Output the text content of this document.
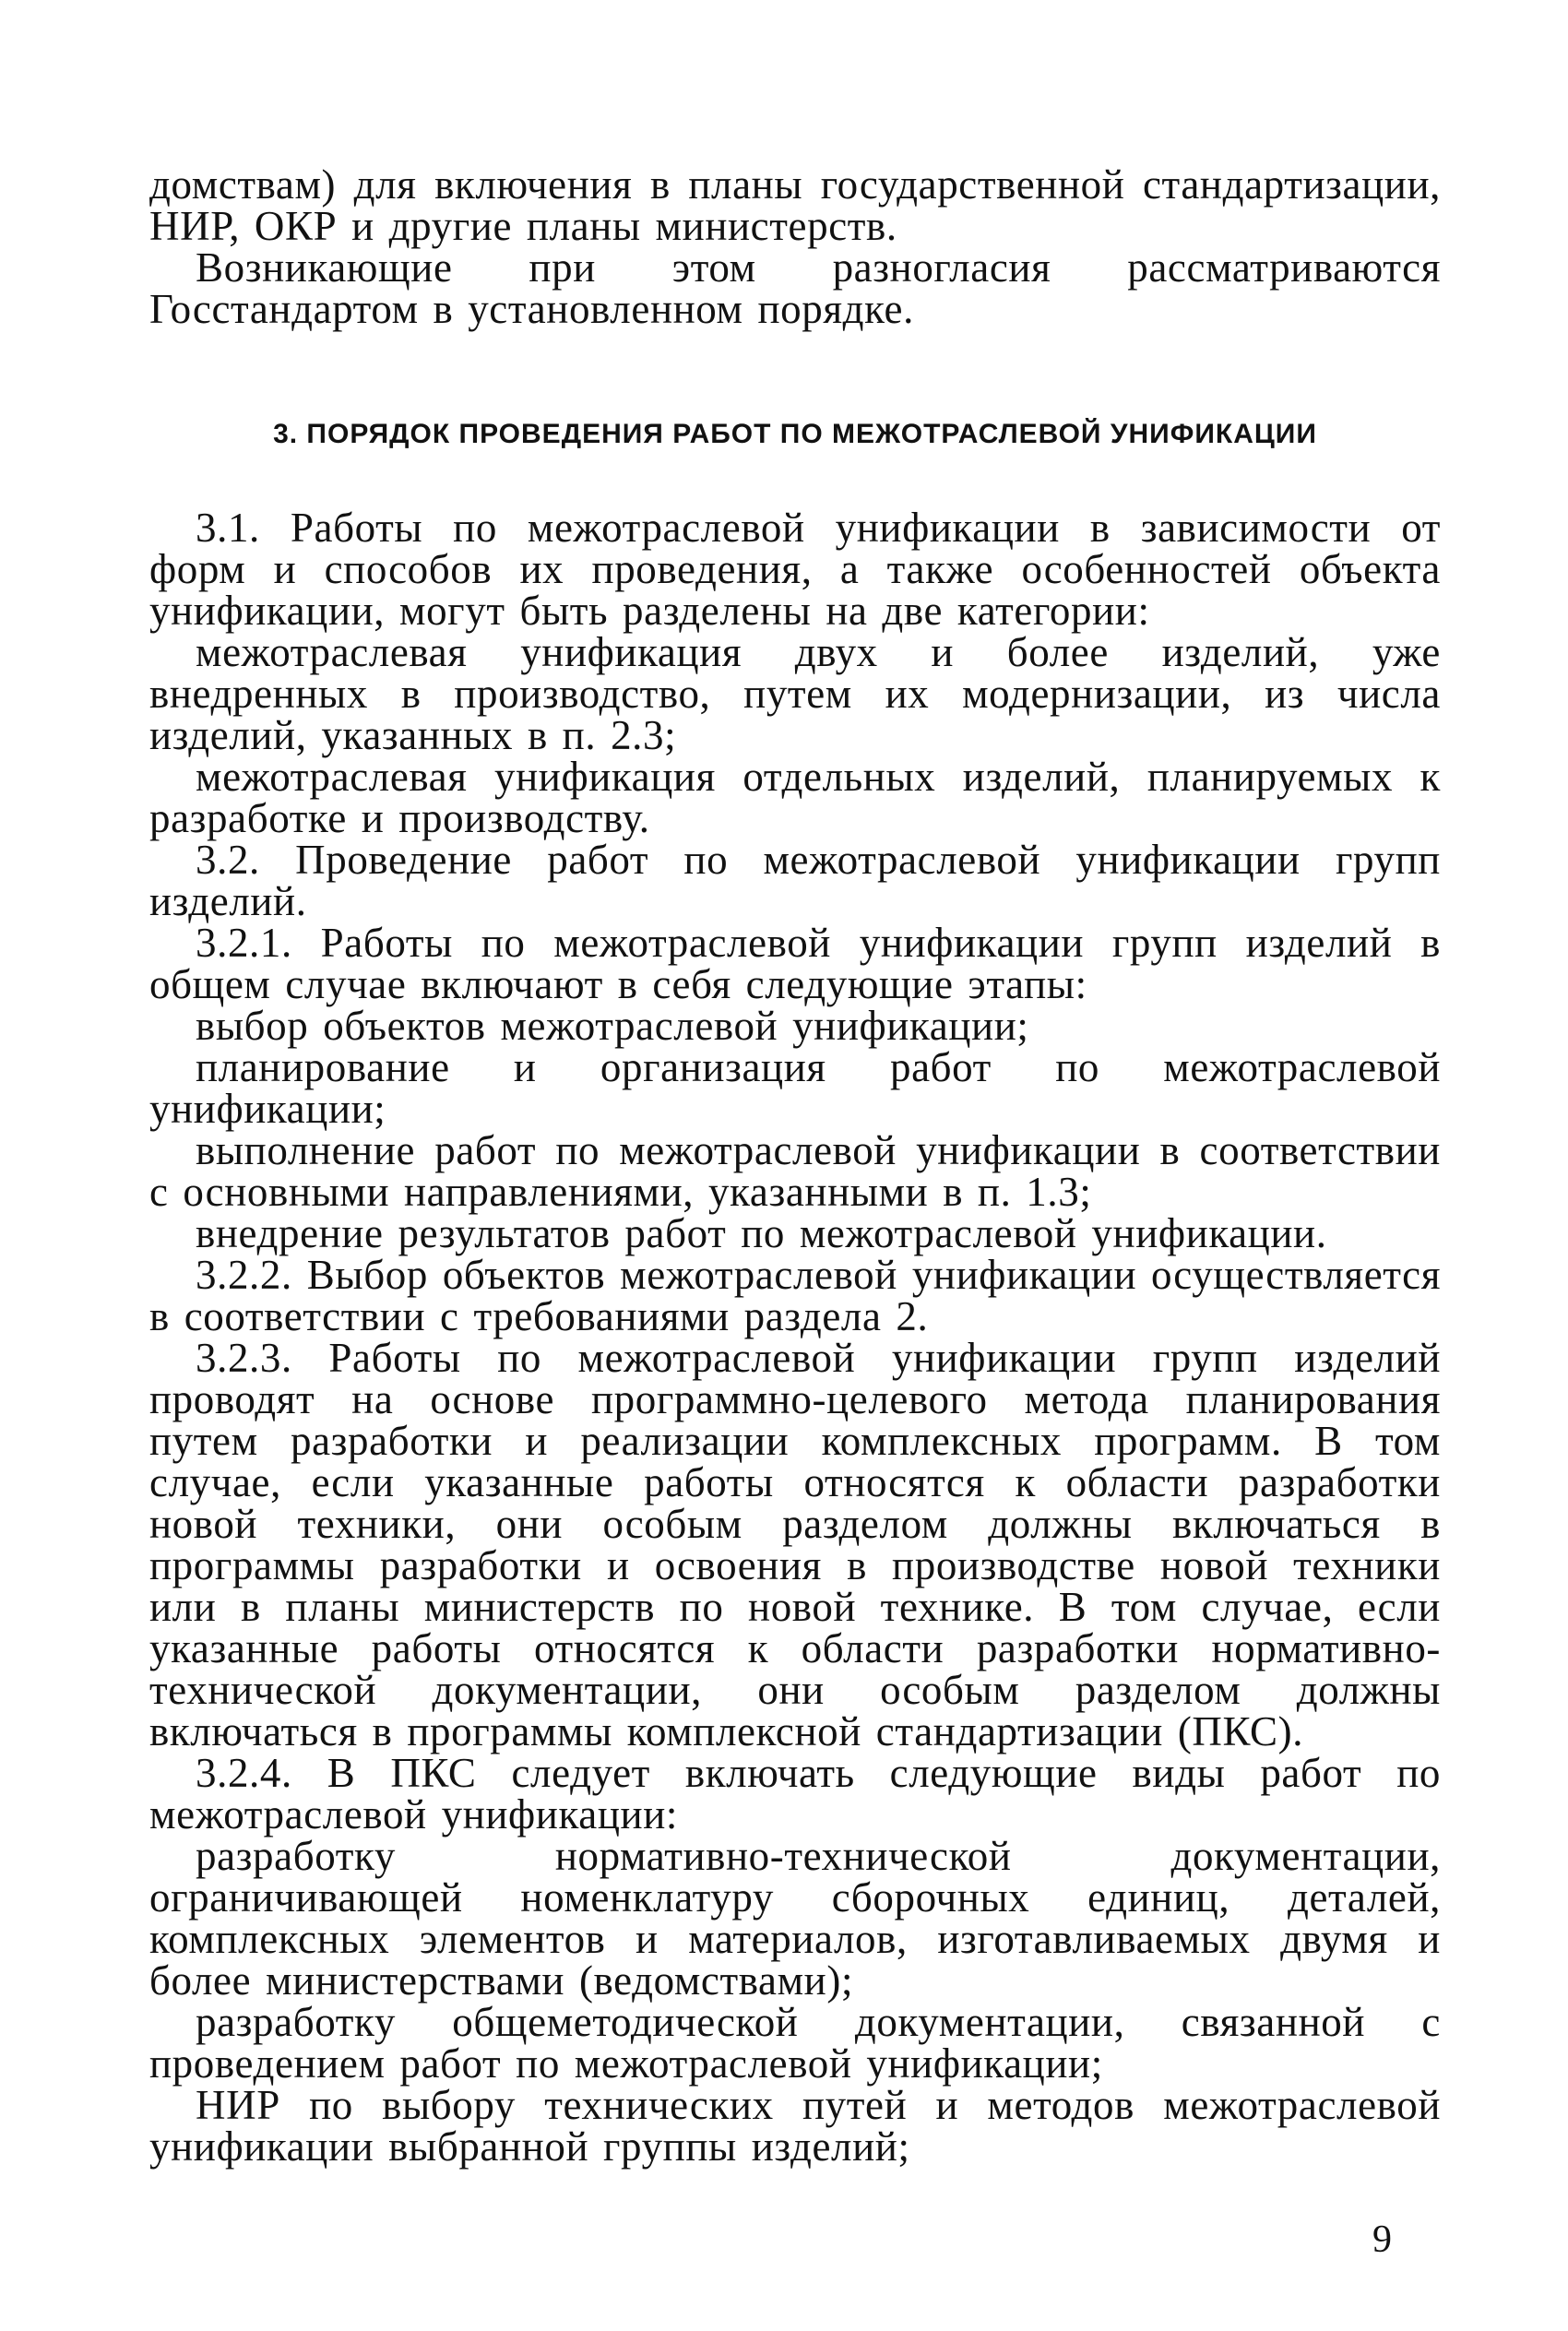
домствам) для включения в планы государственной стандартизации, НИР, ОКР и другие планы министерств.

Возникающие при этом разногласия рассматриваются Госстандартом в установленном порядке.

3. ПОРЯДОК ПРОВЕДЕНИЯ РАБОТ ПО МЕЖОТРАСЛЕВОЙ УНИФИКАЦИИ

3.1. Работы по межотраслевой унификации в зависимости от форм и способов их проведения, а также особенностей объекта унификации, могут быть разделены на две категории:

межотраслевая унификация двух и более изделий, уже внедренных в производство, путем их модернизации, из числа изделий, указанных в п. 2.3;

межотраслевая унификация отдельных изделий, планируемых к разработке и производству.

3.2. Проведение работ по межотраслевой унификации групп изделий.

3.2.1. Работы по межотраслевой унификации групп изделий в общем случае включают в себя следующие этапы:

выбор объектов межотраслевой унификации;

планирование и организация работ по межотраслевой унификации;

выполнение работ по межотраслевой унификации в соответствии с основными направлениями, указанными в п. 1.3;

внедрение результатов работ по межотраслевой унификации.

3.2.2. Выбор объектов межотраслевой унификации осуществляется в соответствии с требованиями раздела 2.

3.2.3. Работы по межотраслевой унификации групп изделий проводят на основе программно-целевого метода планирования путем разработки и реализации комплексных программ. В том случае, если указанные работы относятся к области разработки новой техники, они особым разделом должны включаться в программы разработки и освоения в производстве новой техники или в планы министерств по новой технике. В том случае, если указанные работы относятся к области разработки нормативно-технической документации, они особым разделом должны включаться в программы комплексной стандартизации (ПКС).

3.2.4. В ПКС следует включать следующие виды работ по межотраслевой унификации:

разработку нормативно-технической документации, ограничивающей номенклатуру сборочных единиц, деталей, комплексных элементов и материалов, изготавливаемых двумя и более министерствами (ведомствами);

разработку общеметодической документации, связанной с проведением работ по межотраслевой унификации;

НИР по выбору технических путей и методов межотраслевой унификации выбранной группы изделий;

9
